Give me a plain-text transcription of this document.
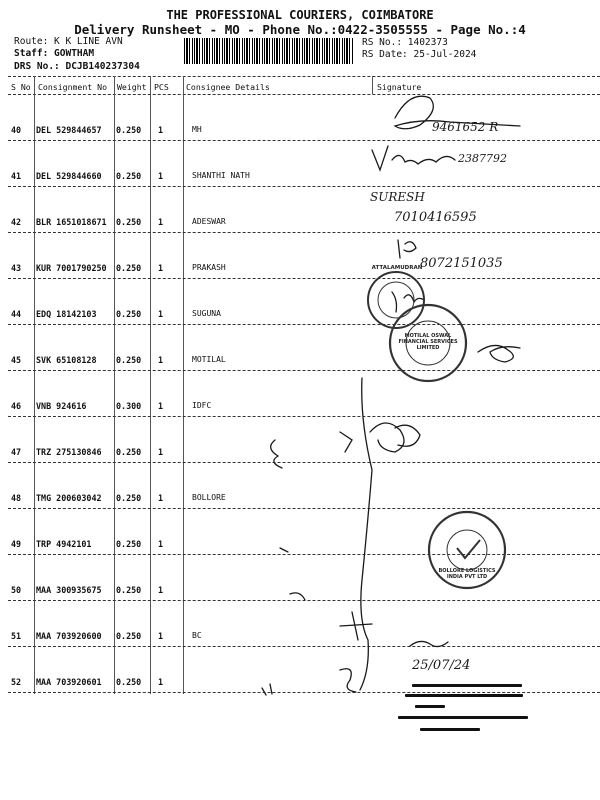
THE PROFESSIONAL COURIERS, COIMBATORE
Delivery Runsheet - MO - Phone No.:0422-3505555 - Page No.:4
Route: K K LINE AVN
Staff: GOWTHAM
DRS No.: DCJB140237304
RS No.: 1402373
RS Date: 25-Jul-2024
S No Consignment No Weight PCS Consignee Details	Signature
40 DEL 529844657 0.250 1	MH
41 DEL 529844660 0.250 1	SHANTHI NATH
42 BLR 1651018671 0.250 1	ADESWAR
43 KUR 7001790250 0.250 1	PRAKASH
44 EDQ 18142103 0.250 1	SUGUNA
45 SVK 65108128 0.250 1	MOTILAL
46 VNB 924616	0.300 1	IDFC
47 TRZ 275130846 0.250 1
48 TMG 200603042 0.250 1	BOLLORE
49 TRP 4942101	0.250 1
50 MAA 300935675 0.250 1
51 MAA 703920600 0.250 1	BC
52 MAA 703920601 0.250 1
9461652 R
2387792
SURESH
7010416595
8072151035
25/07/24
ATTALAMUDRAN
MOTILAL OSWAL FINANCIAL SERVICES LIMITED
BOLLORE LOGISTICS INDIA PVT LTD
